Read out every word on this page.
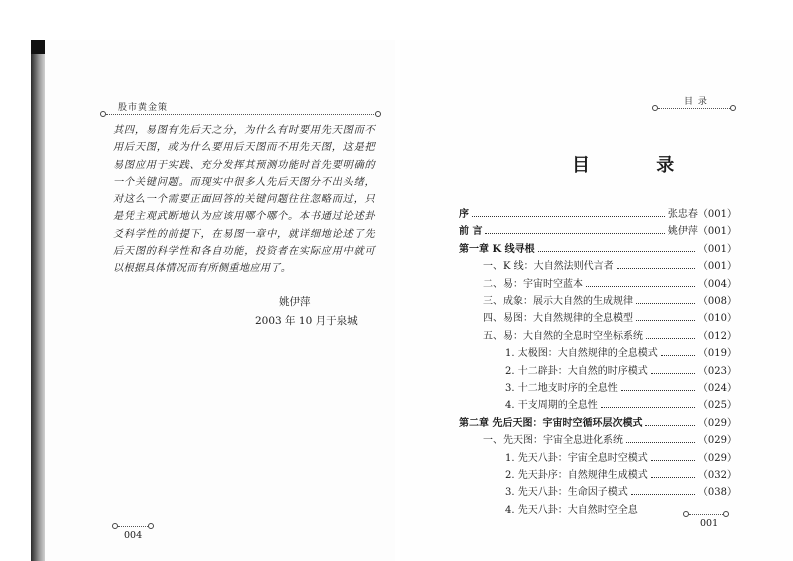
股市黄金策
其四，易图有先后天之分，为什么有时要用先天图而不用后天图，或为什么要用后天图而不用先天图，这是把易图应用于实践、充分发挥其预测功能时首先要明确的一个关键问题。而现实中很多人先后天图分不出头绪，对这么一个需要正面回答的关键问题往往忽略而过，只是凭主观武断地认为应该用哪个哪个。本书通过论述卦爻科学性的前提下，在易图一章中，就详细地论述了先后天图的科学性和各自功能，投资者在实际应用中就可以根据具体情况而有所侧重地应用了。
姚伊萍
2003 年 10 月于泉城
004
目 录
目 录
序	张忠春（001）
前 言	姚伊萍（001）
第一章 K 线寻根	（001）
一、K 线：大自然法则代言者	（001）
二、易：宇宙时空蓝本	（004）
三、成象：展示大自然的生成规律	（008）
四、易图：大自然规律的全息模型	（010）
五、易：大自然的全息时空坐标系统	（012）
1. 太极图：大自然规律的全息模式	（019）
2. 十二辟卦：大自然的时序模式	（023）
3. 十二地支时序的全息性	（024）
4. 干支周期的全息性	（025）
第二章 先后天图：宇宙时空循环层次模式	（029）
一、先天图：宇宙全息进化系统	（029）
1. 先天八卦：宇宙全息时空模式	（029）
2. 先天卦序：自然规律生成模式	（032）
3. 先天八卦：生命因子模式	（038）
4. 先天八卦：大自然时空全息
001
